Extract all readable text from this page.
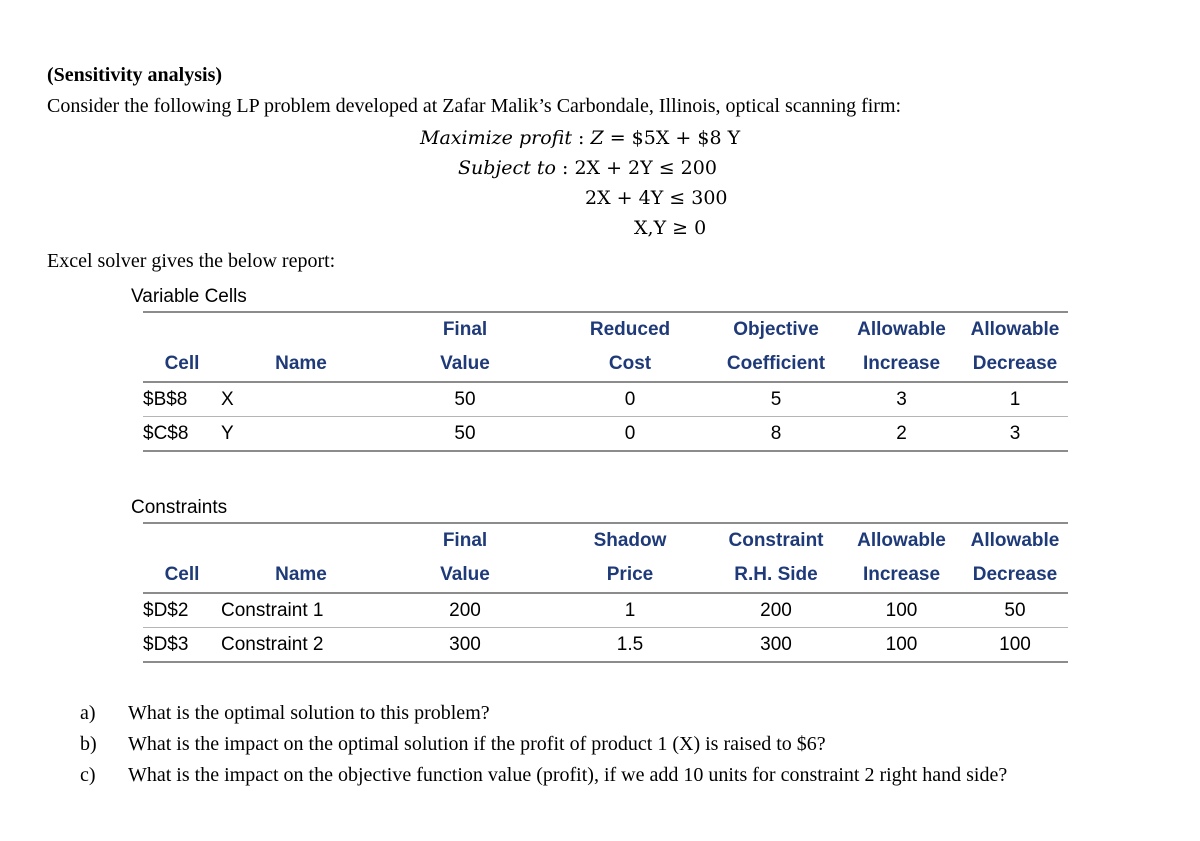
(Sensitivity analysis)
Consider the following LP problem developed at Zafar Malik’s Carbondale, Illinois, optical scanning firm:
Maximize profit : Z = $5X + $8 Y
Subject to : 2X + 2Y ≤ 200
2X + 4Y ≤ 300
X,Y ≥ 0
Excel solver gives the below report:
Variable Cells
		Final	Reduced	Objective	Allowable	Allowable
Cell	Name	Value	Cost	Coefficient	Increase	Decrease
$B$8	X	50	0	5	3	1
$C$8	Y	50	0	8	2	3
Constraints
		Final	Shadow	Constraint	Allowable	Allowable
Cell	Name	Value	Price	R.H. Side	Increase	Decrease
$D$2	Constraint 1	200	1	200	100	50
$D$3	Constraint 2	300	1.5	300	100	100
a) What is the optimal solution to this problem?
b) What is the impact on the optimal solution if the profit of product 1 (X) is raised to $6?
c) What is the impact on the objective function value (profit), if we add 10 units for constraint 2 right hand side?
